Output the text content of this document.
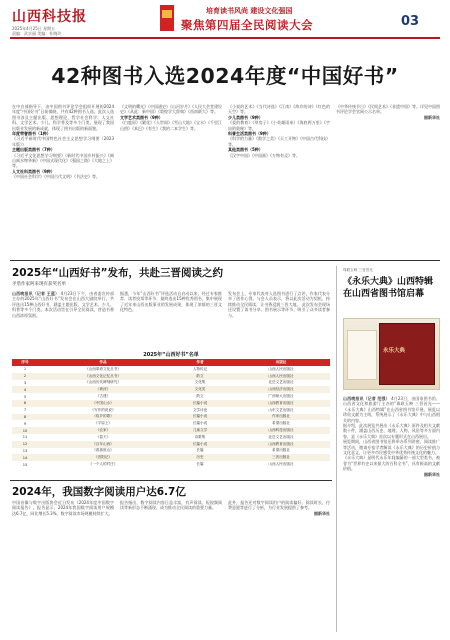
山西科技报
2025年4月25日 星期五
责编：武京丽 美编：杜晓玲
培育读书风尚 建设文化强国
聚焦第四届全民阅读大会	03
42种图书入选2024年度“中国好书”
在中宣部指导下，由中国图书评论学会组织开展的2024年度“中国好书”日前揭晓，共有42种图书入选。此次入选图书涉及主题出版、思想理论、哲学社会科学、人文社科、文学艺术、少儿、科学普及等多个门类，展现了我国出版业发展的新成就，体现了图书出版的新面貌。
年度荣誉图书（1种）
《习近平新时代中国特色社会主义思想学习纲要（2023年版）》
主题出版类图书（7种）
《习近平文化思想学习纲要》《新时代中国乡村振兴》《闽山闽水物华新》《中国式现代化》《强国之路》《大地之上》等。
人文社科类图书（9种）
《中国社会科学》《中国古代文明》《书法史》等。
《文明的曙光》《中国通史》《山河岁月》《人民大会堂建设史》《从此：新中国》《敦煌学大辞典》《西南联大》等。
文学艺术类图书（9种）
《白鹿原》《繁花》《人世间》《雪山大地》《宝水》《千里江山图》《本巴》《有生》《我的二本学生》等。
《小说的艺术》《当代诗选》《江南》《故乡的诗》《红色的天空》等。
少儿类图书（9种）
《爱的教育》《草房子》《小英雄雨来》《海底两万里》《宇宙的奥秘》等。
科普生活类图书（9种）
《科学的力量》《数学之美》《天工开物》《中国古代科技》等。
其他类图书（5种）
《汉字中国》《中国画》《万物有灵》等。
《中华传统节日》《民间艺术》《非遗中国》等。详见中国图书评论学会官网公示名单。

据新华社
2025年“山西好书”发布，共赴三晋阅读之约
矛盾作家阿来现有获奖名单
山西晚报讯（记者 王蓝） 4月23日下午，由省委宣传部主办的2025年“山西好书”发布会在山西大剧院举行，共评选出15种山西好书，涵盖主题出版、文学艺术、少儿、科普等多个门类。本次活动旨在引导全民阅读，营造书香山西浓厚氛围。
据悉，今年“山西好书”评选活动自启动以来，经过专家推荐、读者投票等环节，最终选出15种优秀图书，集中展现了近年来山西出版事业的发展成果，体现了浓郁的三晋文化特色。
发布会上，专家代表对入选图书进行了点评，作家代表分享了创作心得。与会人员表示，将以此次活动为契机，持续推动全民阅读，让书香浸润三晋大地。 此次发布会现场还设置了读书分享、图书展示等环节，吸引了众多读者参与。
2025年“山西好书”名单
序号	作品	作者	出版社
1	《山西革命文化丛书》	人物传记	山西人民出版社
2	《山西文化记忆丛书》	散文	山西人民出版社
3	《山西历代碑刻研究》	文化集	北岳文艺出版社
4	《黄河》	文化类	山西经济出版社
5	《古建》	散文	广西师大出版社
6	《中国山水》	长篇小说	山西教育出版社
7	《写作的说说》	文学评论	山东文艺出版社
8	《故乡的歌》	长篇小说	作家出版社
9	《平原上》	长篇小说	希望出版社
10	《农家》	儿童文学	山西科技出版社
11	《春天》	诗歌集	北岳文艺出版社
12	《百年山西》	长篇小说	山西教育出版社
13	《看那座山》	长篇	希望出版社
14	《晋阳记》	历史	三晋出版社
15	《一个人的村庄》	长篇	山西人民出版社
2024年，我国数字阅读用户达6.7亿
中国音像与数字出版协会近日发布《2024年度中国数字阅读报告》。报告显示，2024年我国数字阅读用户规模达6.7亿，同比增长5.3%，数字阅读市场规模持续扩大。
报告指出，数字阅读内容日益丰富，有声阅读、短视频阅读等新形态不断涌现，成为推动全民阅读的重要力量。
此外，报告还对数字阅读用户的阅读偏好、阅读时长、付费意愿等进行了分析，为行业发展提供了参考。

据新华社
珠联玉映 三晋首光
《永乐大典》山西特辑
在山西省图书馆启幕
永乐大典
山西晚报讯（记者 范强） 4月23日，由国家图书馆、山西省文化和旅游厅主办的“珠联玉映 三晋首光——《永乐大典》山西特辑”在山西省图书馆开展。展览以珍贵文献为主线，系统展示了《永乐大典》中与山西相关的内容。
据介绍，此次展览共展出《永乐大典》原件及相关文献数十件，涵盖山西历史、地理、人物、风俗等多方面内容，是《永乐大典》首次以专题形式在山西展出。
展览期间，山西省图书馆还将举办系列讲座、阅读推广等活动，邀请专家学者解读《永乐大典》的历史价值与文化意义，让更多市民感受中华优秀传统文化的魅力。
《永乐大典》是明代永乐年间编纂的一部大型类书，被誉为“世界有史以来最大的百科全书”，具有极高的文献价值。

据新华社
